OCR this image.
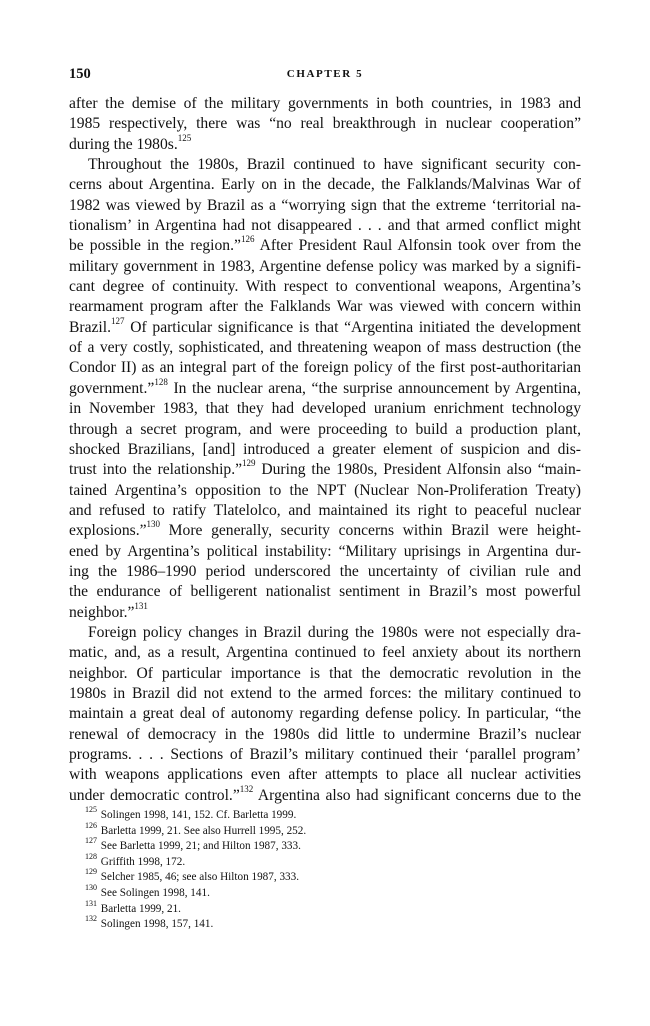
150	CHAPTER 5
after the demise of the military governments in both countries, in 1983 and
1985 respectively, there was “no real breakthrough in nuclear cooperation”
during the 1980s.$^{125}$
Throughout the 1980s, Brazil continued to have significant security con-
cerns about Argentina. Early on in the decade, the Falklands/Malvinas War of
1982 was viewed by Brazil as a “worrying sign that the extreme ‘territorial na-
tionalism’ in Argentina had not disappeared . . . and that armed conflict might
be possible in the region.”$^{126}$ After President Raul Alfonsin took over from the
military government in 1983, Argentine defense policy was marked by a signifi-
cant degree of continuity. With respect to conventional weapons, Argentina’s
rearmament program after the Falklands War was viewed with concern within
Brazil.$^{127}$ Of particular significance is that “Argentina initiated the development
of a very costly, sophisticated, and threatening weapon of mass destruction (the
Condor II) as an integral part of the foreign policy of the first post-authoritarian
government.”$^{128}$ In the nuclear arena, “the surprise announcement by Argentina,
in November 1983, that they had developed uranium enrichment technology
through a secret program, and were proceeding to build a production plant,
shocked Brazilians, [and] introduced a greater element of suspicion and dis-
trust into the relationship.”$^{129}$ During the 1980s, President Alfonsin also “main-
tained Argentina’s opposition to the NPT (Nuclear Non-Proliferation Treaty)
and refused to ratify Tlatelolco, and maintained its right to peaceful nuclear
explosions.”$^{130}$ More generally, security concerns within Brazil were height-
ened by Argentina’s political instability: “Military uprisings in Argentina dur-
ing the 1986–1990 period underscored the uncertainty of civilian rule and
the endurance of belligerent nationalist sentiment in Brazil’s most powerful
neighbor.”$^{131}$
Foreign policy changes in Brazil during the 1980s were not especially dra-
matic, and, as a result, Argentina continued to feel anxiety about its northern
neighbor. Of particular importance is that the democratic revolution in the
1980s in Brazil did not extend to the armed forces: the military continued to
maintain a great deal of autonomy regarding defense policy. In particular, “the
renewal of democracy in the 1980s did little to undermine Brazil’s nuclear
programs. . . . Sections of Brazil’s military continued their ‘parallel program’
with weapons applications even after attempts to place all nuclear activities
under democratic control.”$^{132}$ Argentina also had significant concerns due to the
$^{125}$ Solingen 1998, 141, 152. Cf. Barletta 1999.
$^{126}$ Barletta 1999, 21. See also Hurrell 1995, 252.
$^{127}$ See Barletta 1999, 21; and Hilton 1987, 333.
$^{128}$ Griffith 1998, 172.
$^{129}$ Selcher 1985, 46; see also Hilton 1987, 333.
$^{130}$ See Solingen 1998, 141.
$^{131}$ Barletta 1999, 21.
$^{132}$ Solingen 1998, 157, 141.
